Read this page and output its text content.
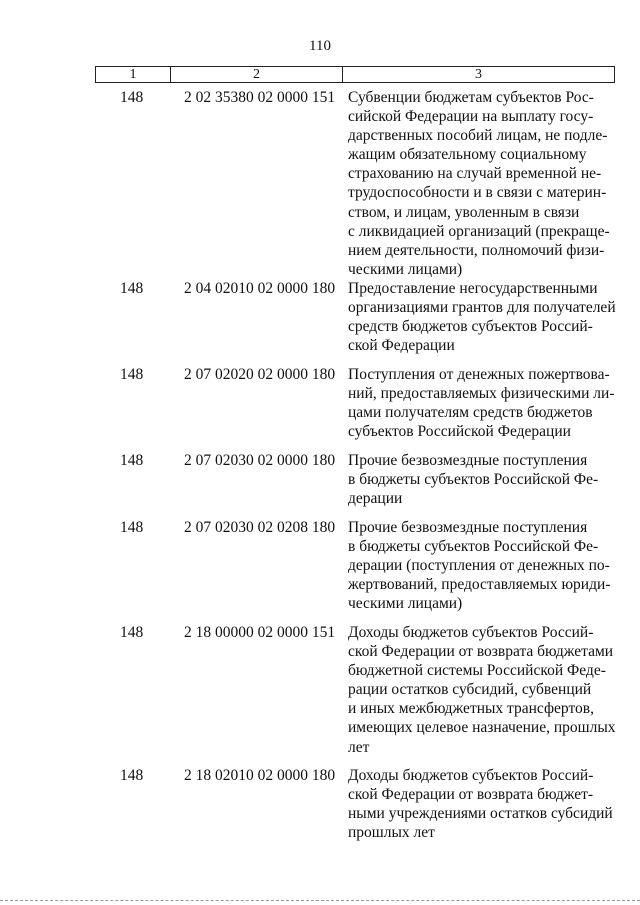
110
1	2	3
148	2 02 35380 02 0000 151 Субвенции бюджетам субъектов Рос-
сийской Федерации на выплату госу-
дарственных пособий лицам, не подле-
жащим обязательному социальному
страхованию на случай временной не-
трудоспособности и в связи с материн-
ством, и лицам, уволенным в связи
с ликвидацией организаций (прекраще-
нием деятельности, полномочий физи-
ческими лицами)
148	2 04 02010 02 0000 180 Предоставление негосударственными
организациями грантов для получателей
средств бюджетов субъектов Россий-
ской Федерации
148	2 07 02020 02 0000 180 Поступления от денежных пожертвова-
ний, предоставляемых физическими ли-
цами получателям средств бюджетов
субъектов Российской Федерации
148	2 07 02030 02 0000 180 Прочие безвозмездные поступления
в бюджеты субъектов Российской Фе-
дерации
148	2 07 02030 02 0208 180 Прочие безвозмездные поступления
в бюджеты субъектов Российской Фе-
дерации (поступления от денежных по-
жертвований, предоставляемых юриди-
ческими лицами)
148	2 18 00000 02 0000 151 Доходы бюджетов субъектов Россий-
ской Федерации от возврата бюджетами
бюджетной системы Российской Феде-
рации остатков субсидий, субвенций
и иных межбюджетных трансфертов,
имеющих целевое назначение, прошлых
лет
148	2 18 02010 02 0000 180 Доходы бюджетов субъектов Россий-
ской Федерации от возврата бюджет-
ными учреждениями остатков субсидий
прошлых лет
